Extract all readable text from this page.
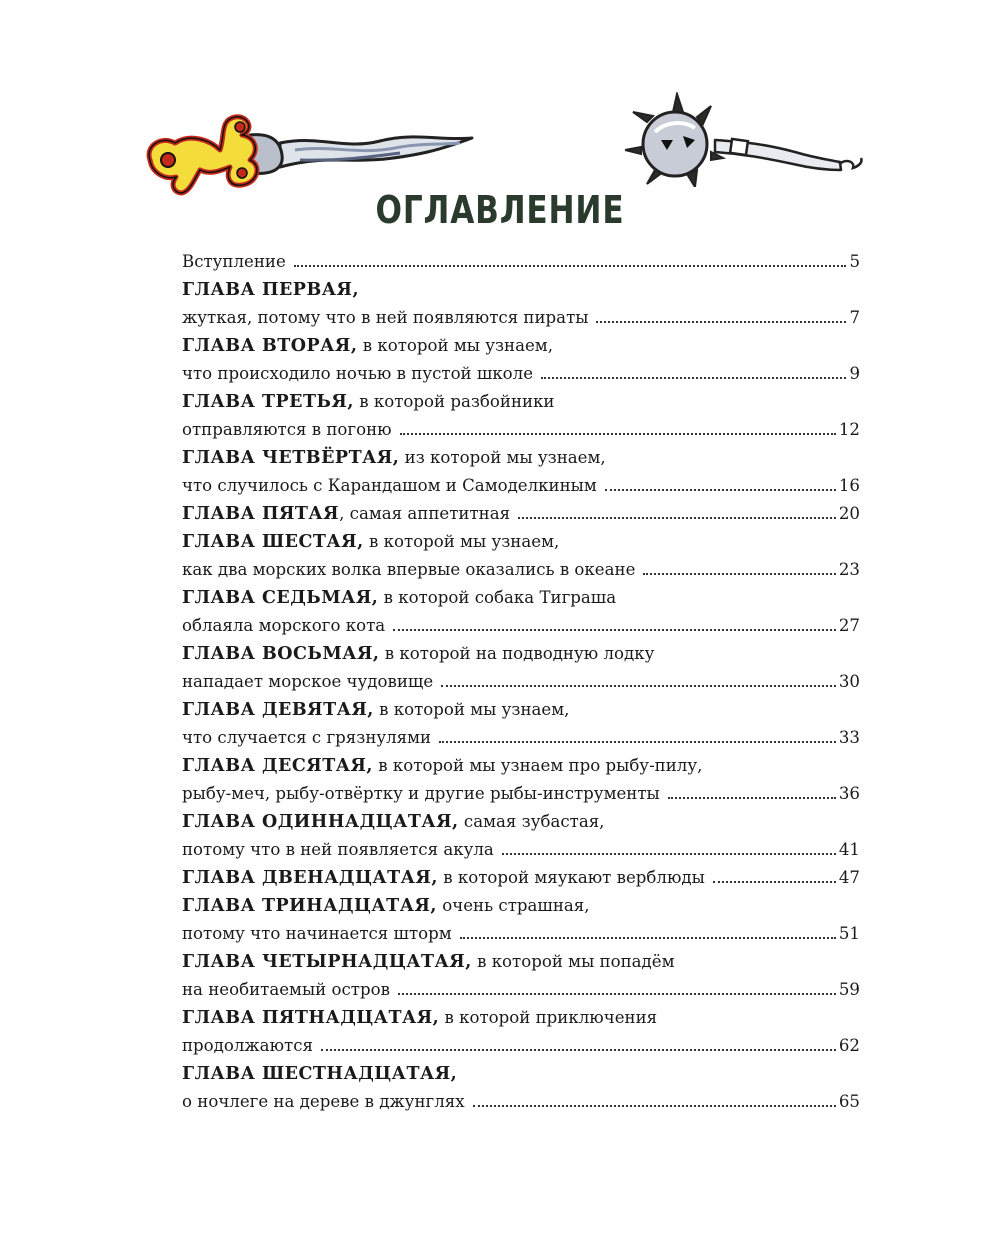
ОГЛАВЛЕНИЕ
Вступление	5
ГЛАВА ПЕРВАЯ,
жуткая, потому что в ней появляются пираты	7
ГЛАВА ВТОРАЯ, в которой мы узнаем,
что происходило ночью в пустой школе	9
ГЛАВА ТРЕТЬЯ, в которой разбойники
отправляются в погоню	12
ГЛАВА ЧЕТВЁРТАЯ, из которой мы узнаем,
что случилось с Карандашом и Самоделкиным	16
ГЛАВА ПЯТАЯ, самая аппетитная	20
ГЛАВА ШЕСТАЯ, в которой мы узнаем,
как два морских волка впервые оказались в океане	23
ГЛАВА СЕДЬМАЯ, в которой собака Тиграша
облаяла морского кота	27
ГЛАВА ВОСЬМАЯ, в которой на подводную лодку
нападает морское чудовище	30
ГЛАВА ДЕВЯТАЯ, в которой мы узнаем,
что случается с грязнулями	33
ГЛАВА ДЕСЯТАЯ, в которой мы узнаем про рыбу-пилу,
рыбу-меч, рыбу-отвёртку и другие рыбы-инструменты	36
ГЛАВА ОДИННАДЦАТАЯ, самая зубастая,
потому что в ней появляется акула	41
ГЛАВА ДВЕНАДЦАТАЯ, в которой мяукают верблюды	47
ГЛАВА ТРИНАДЦАТАЯ, очень страшная,
потому что начинается шторм	51
ГЛАВА ЧЕТЫРНАДЦАТАЯ, в которой мы попадём
на необитаемый остров	59
ГЛАВА ПЯТНАДЦАТАЯ, в которой приключения
продолжаются	62
ГЛАВА ШЕСТНАДЦАТАЯ,
о ночлеге на дереве в джунглях	65
